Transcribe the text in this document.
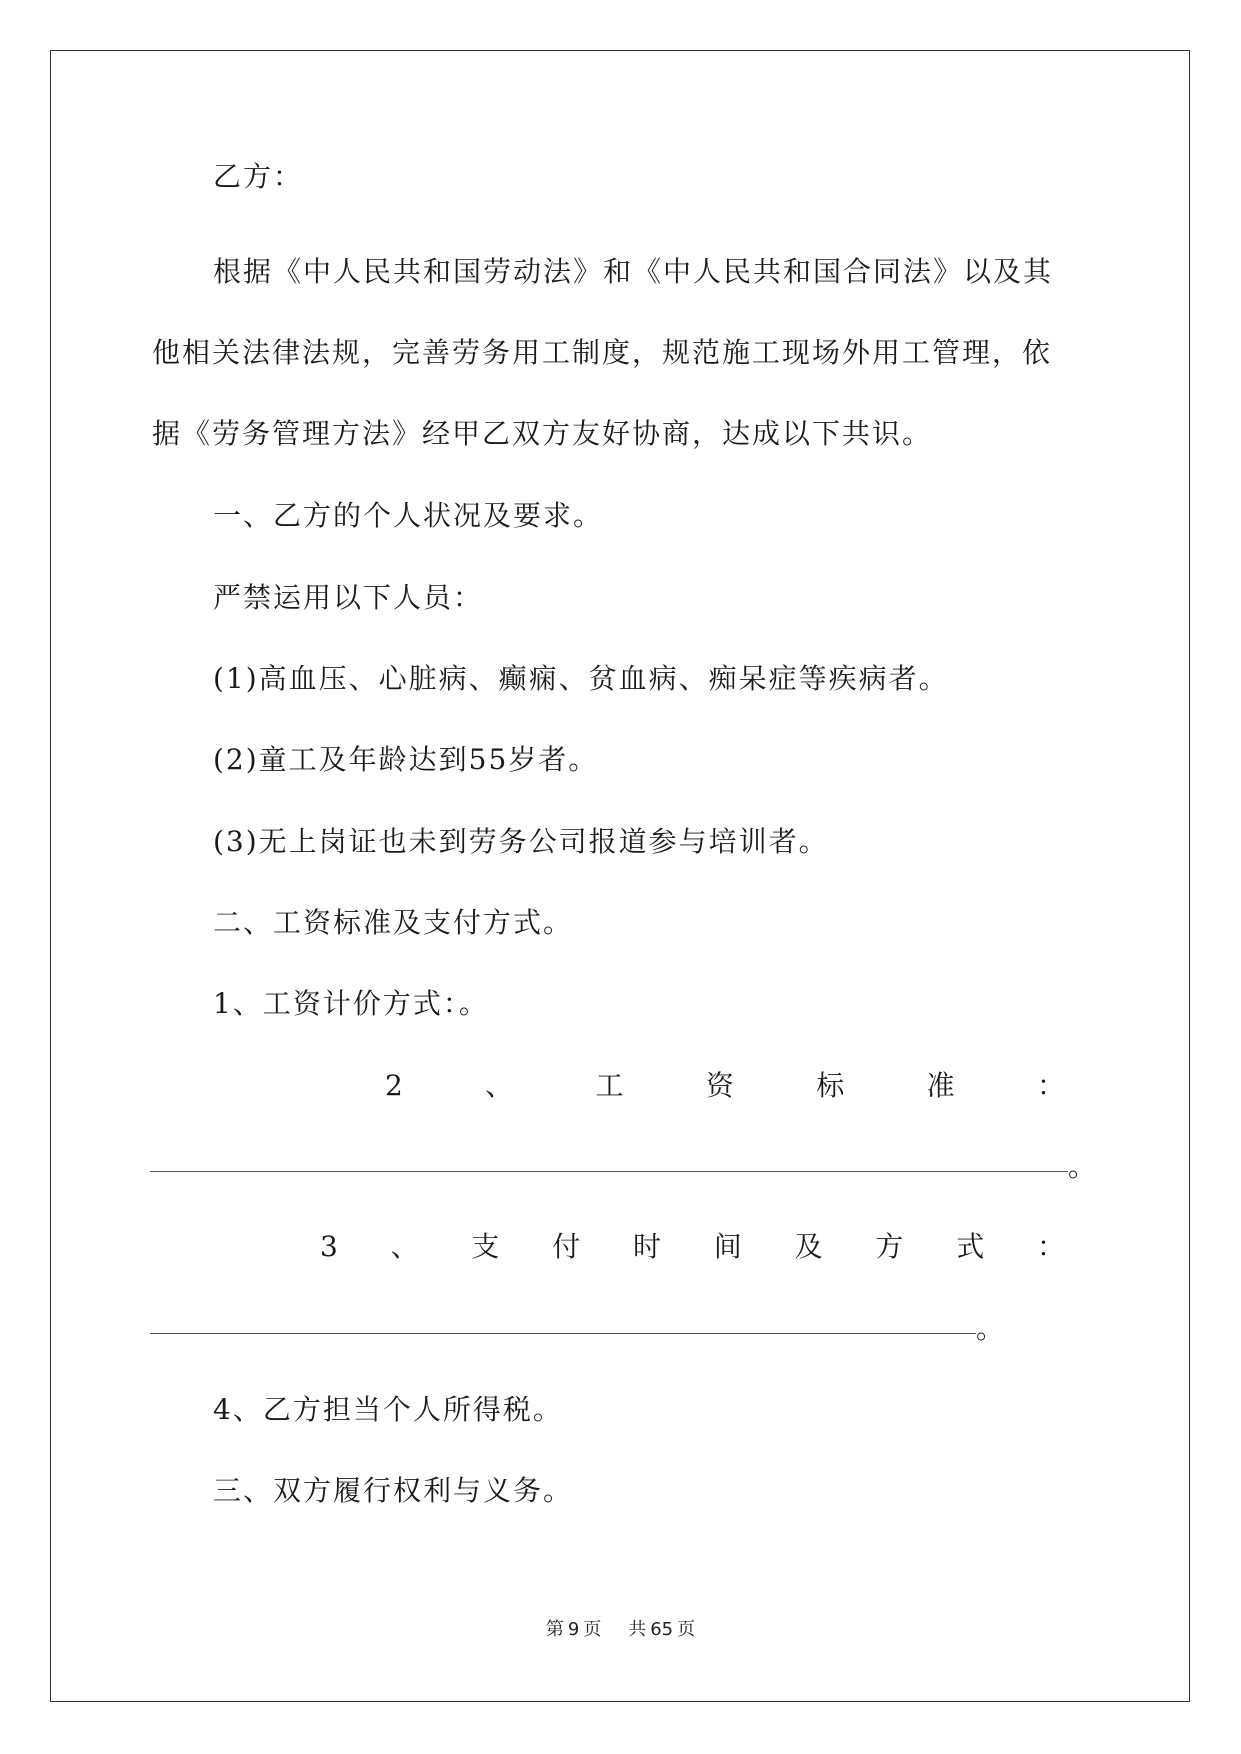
乙方：

根据《中人民共和国劳动法》和《中人民共和国合同法》以及其

他相关法律法规，完善劳务用工制度，规范施工现场外用工管理，依

据《劳务管理方法》经甲乙双方友好协商，达成以下共识。

一、乙方的个人状况及要求。

严禁运用以下人员：

(1)高血压、心脏病、癫痫、贫血病、痴呆症等疾病者。

(2)童工及年龄达到55岁者。

(3)无上岗证也未到劳务公司报道参与培训者。

二、工资标准及支付方式。

1、工资计价方式：。

2	、	工	资	标	准	：
。
3 、 支 付 时 间 及 方 式 ：
。

4、乙方担当个人所得税。

三、双方履行权利与义务。

第 9 页 共 65 页
